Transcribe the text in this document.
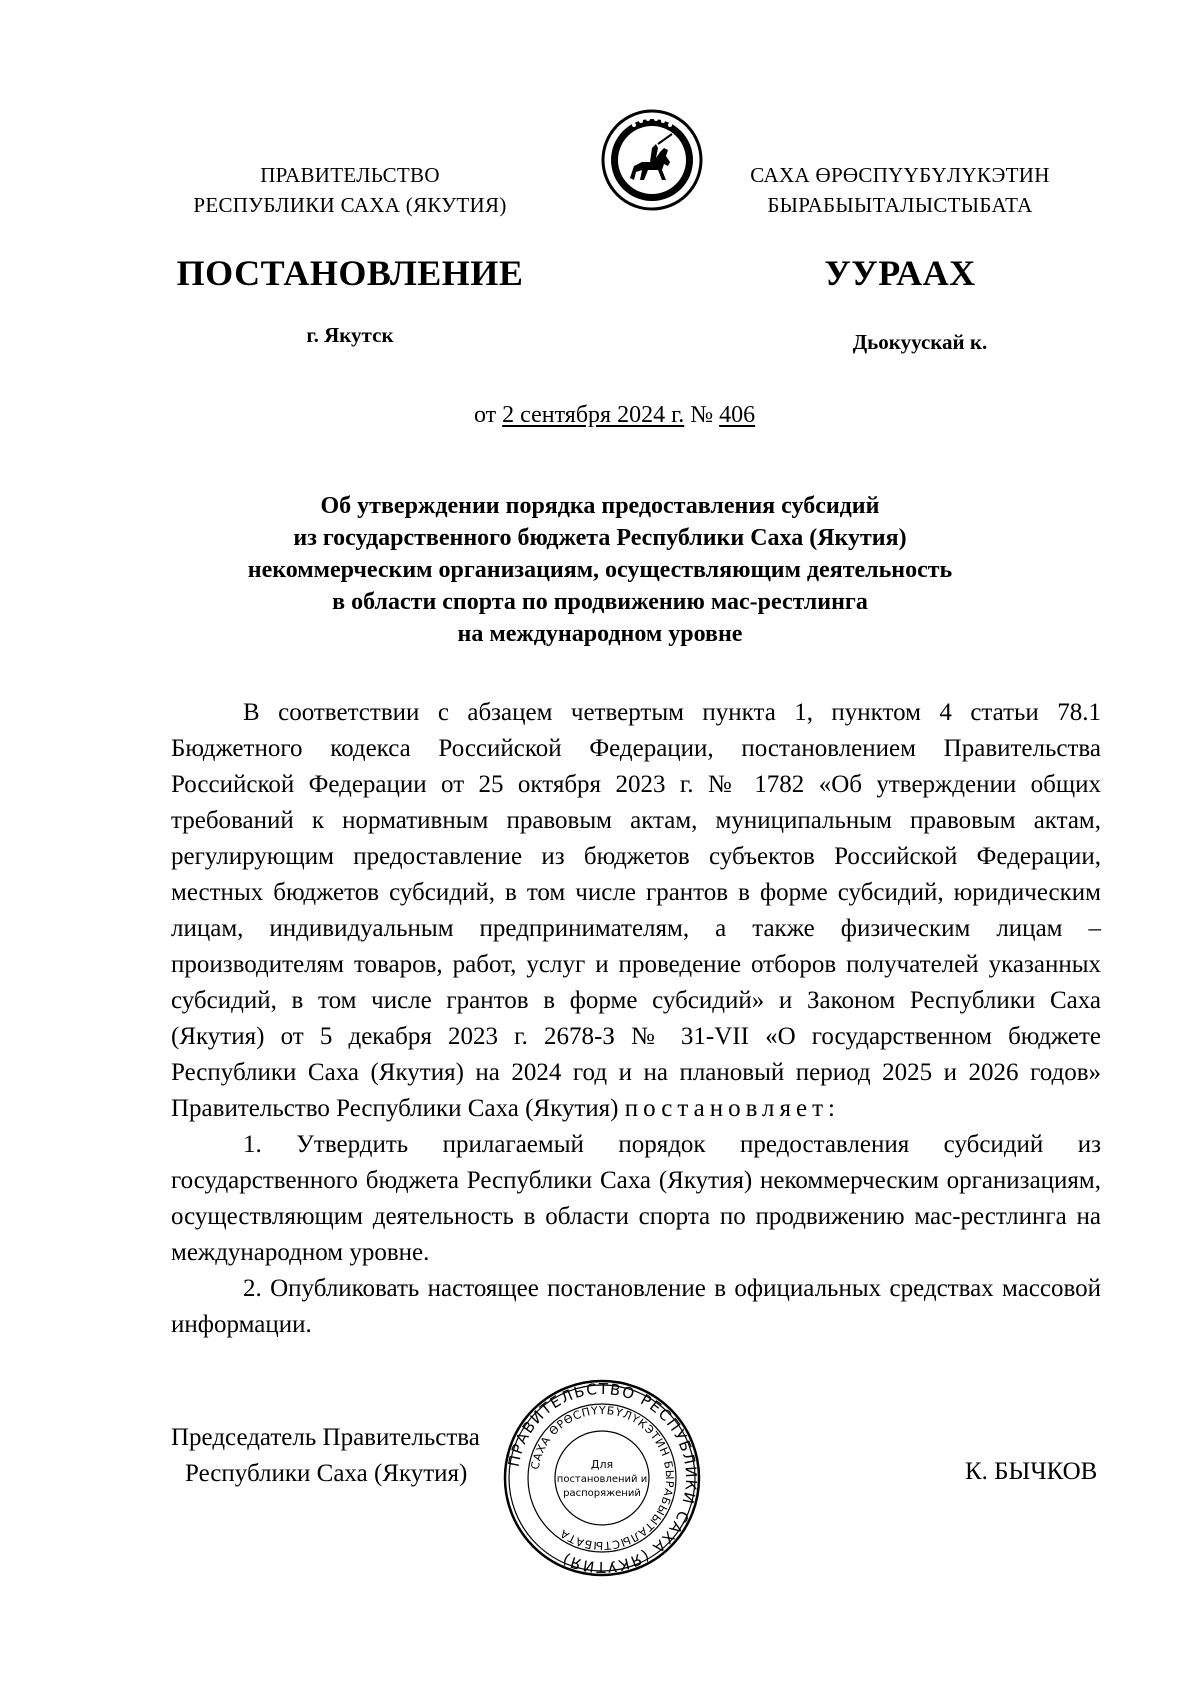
ПРАВИТЕЛЬСТВО
РЕСПУБЛИКИ САХА (ЯКУТИЯ)
САХА ӨРӨСПҮҮБҮЛҮКЭТИН
БЫРАБЫЫТАЛЫСТЫБАТА
ПОСТАНОВЛЕНИЕ	УУРААХ
г. Якутск	Дьокуускай к.
от 2 сентября 2024 г. № 406
Об утверждении порядка предоставления субсидий
из государственного бюджета Республики Саха (Якутия)
некоммерческим организациям, осуществляющим деятельность
в области спорта по продвижению мас-рестлинга
на международном уровне

В соответствии с абзацем четвертым пункта 1, пунктом 4 статьи 78.1 Бюджетного кодекса Российской Федерации, постановлением Правительства Российской Федерации от 25 октября 2023 г. № 1782 «Об утверждении общих требований к нормативным правовым актам, муниципальным правовым актам, регулирующим предоставление из бюджетов субъектов Российской Федерации, местных бюджетов субсидий, в том числе грантов в форме субсидий, юридическим лицам, индивидуальным предпринимателям, а также физическим лицам – производителям товаров, работ, услуг и проведение отборов получателей указанных субсидий, в том числе грантов в форме субсидий» и Законом Республики Саха (Якутия) от 5 декабря 2023 г. 2678-З № 31-VII «О государственном бюджете Республики Саха (Якутия) на 2024 год и на плановый период 2025 и 2026 годов» Правительство Республики Саха (Якутия) постановляет:

1. Утвердить прилагаемый порядок предоставления субсидий из государственного бюджета Республики Саха (Якутия) некоммерческим организациям, осуществляющим деятельность в области спорта по продвижению мас-рестлинга на международном уровне.

2. Опубликовать настоящее постановление в официальных средствах массовой информации.

Председатель Правительства
Республики Саха (Якутия)	ПРАВИТЕЛЬСТВО РЕСПУБЛИКИ САХА (ЯКУТИЯ)
САХА ӨРӨСПҮҮБҮЛҮКЭТИН БЫРАБЫЫТАЛЫСТЫБАТА
Для
постановлений и
распоряжений
К. БЫЧКОВ
